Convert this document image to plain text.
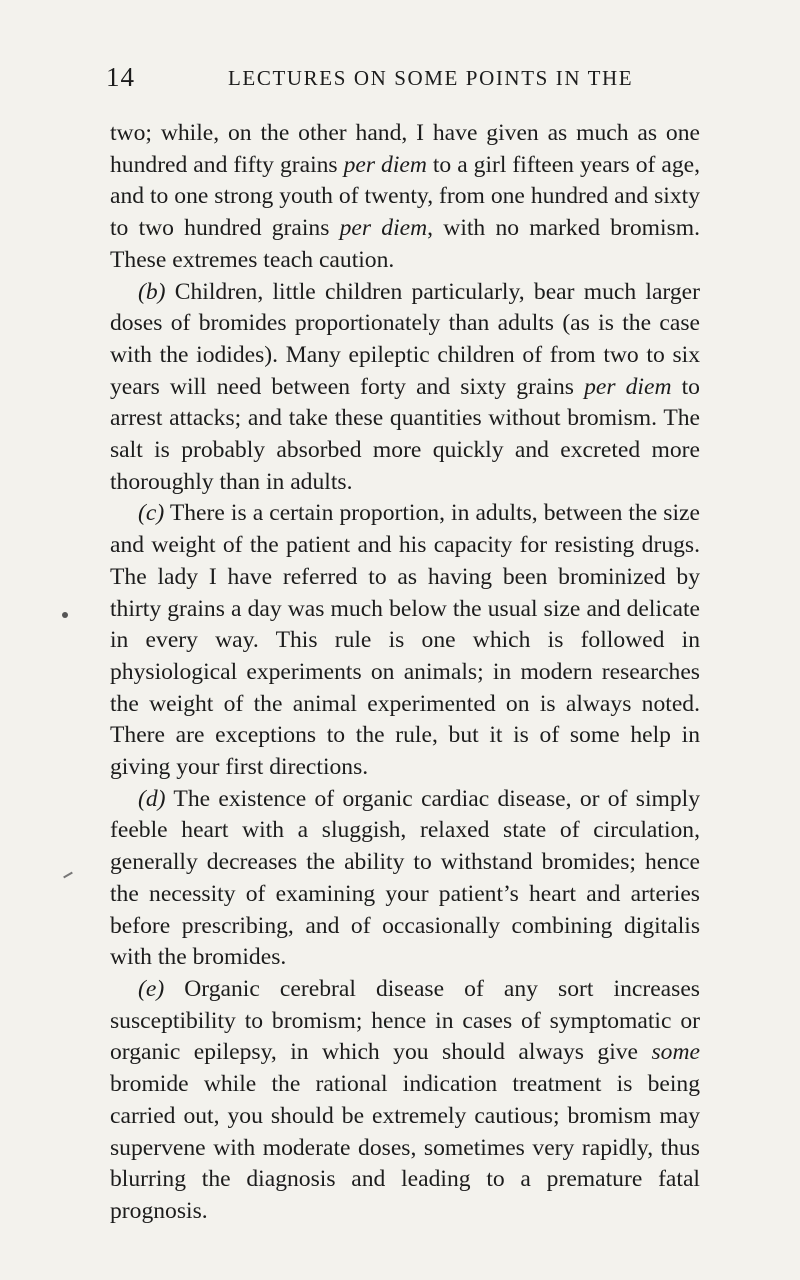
14	LECTURES ON SOME POINTS IN THE

two; while, on the other hand, I have given as much as one hundred and fifty grains per diem to a girl fifteen years of age, and to one strong youth of twenty, from one hundred and sixty to two hundred grains per diem, with no marked bromism. These extremes teach caution.

(b) Children, little children particularly, bear much larger doses of bromides proportionately than adults (as is the case with the iodides). Many epileptic children of from two to six years will need between forty and sixty grains per diem to arrest attacks; and take these quantities without bromism. The salt is probably absorbed more quickly and excreted more thoroughly than in adults.

(c) There is a certain proportion, in adults, between the size and weight of the patient and his capacity for resisting drugs. The lady I have referred to as having been brominized by thirty grains a day was much below the usual size and delicate in every way. This rule is one which is followed in physiological experiments on animals; in modern researches the weight of the animal experimented on is always noted. There are exceptions to the rule, but it is of some help in giving your first directions.

(d) The existence of organic cardiac disease, or of simply feeble heart with a sluggish, relaxed state of circulation, generally decreases the ability to withstand bromides; hence the necessity of examining your patient’s heart and arteries before prescribing, and of occasionally combining digitalis with the bromides.

(e) Organic cerebral disease of any sort increases susceptibility to bromism; hence in cases of symptomatic or organic epilepsy, in which you should always give some bromide while the rational indication treatment is being carried out, you should be extremely cautious; bromism may supervene with moderate doses, sometimes very rapidly, thus blurring the diagnosis and leading to a premature fatal prognosis.
